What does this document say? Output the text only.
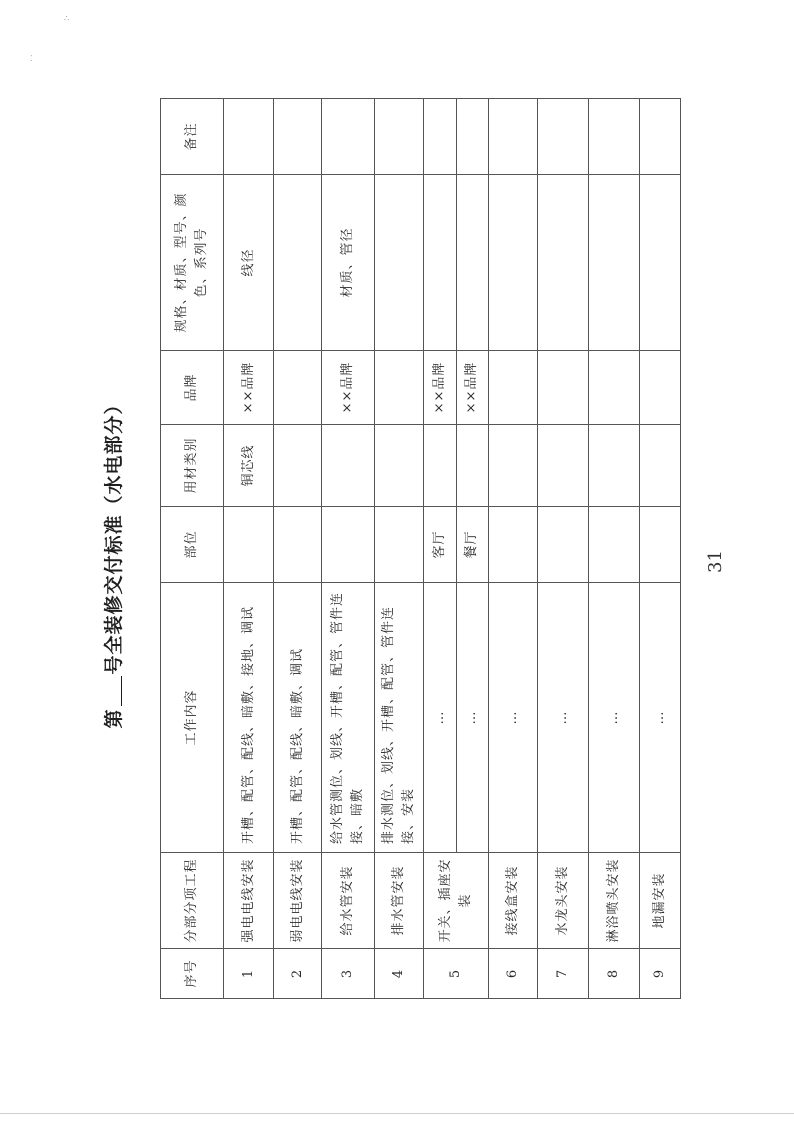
∴
⁚
第号全装修交付标准（水电部分）
序号	分部分项工程	工作内容	部位	用材类别	品牌	规格、材质、型号、颜色、系列号	备注
1	强电电线安装	开槽、配管、配线、暗敷、接地、调试		铜芯线	××品牌	线径	
2	弱电电线安装	开槽、配管、配线、暗敷、调试					
3	给水管安装	给水管测位、划线、开槽、配管、管件连接、暗敷			××品牌	材质、管径	
4	排水管安装	排水测位、划线、开槽、配管、管件连接、安装					
5	开关、插座安装	…	客厅		××品牌		
		…	餐厅		××品牌		
6	接线盒安装	…					
7	水龙头安装	…					
8	淋浴喷头安装	…					
9	地漏安装	…					
31
